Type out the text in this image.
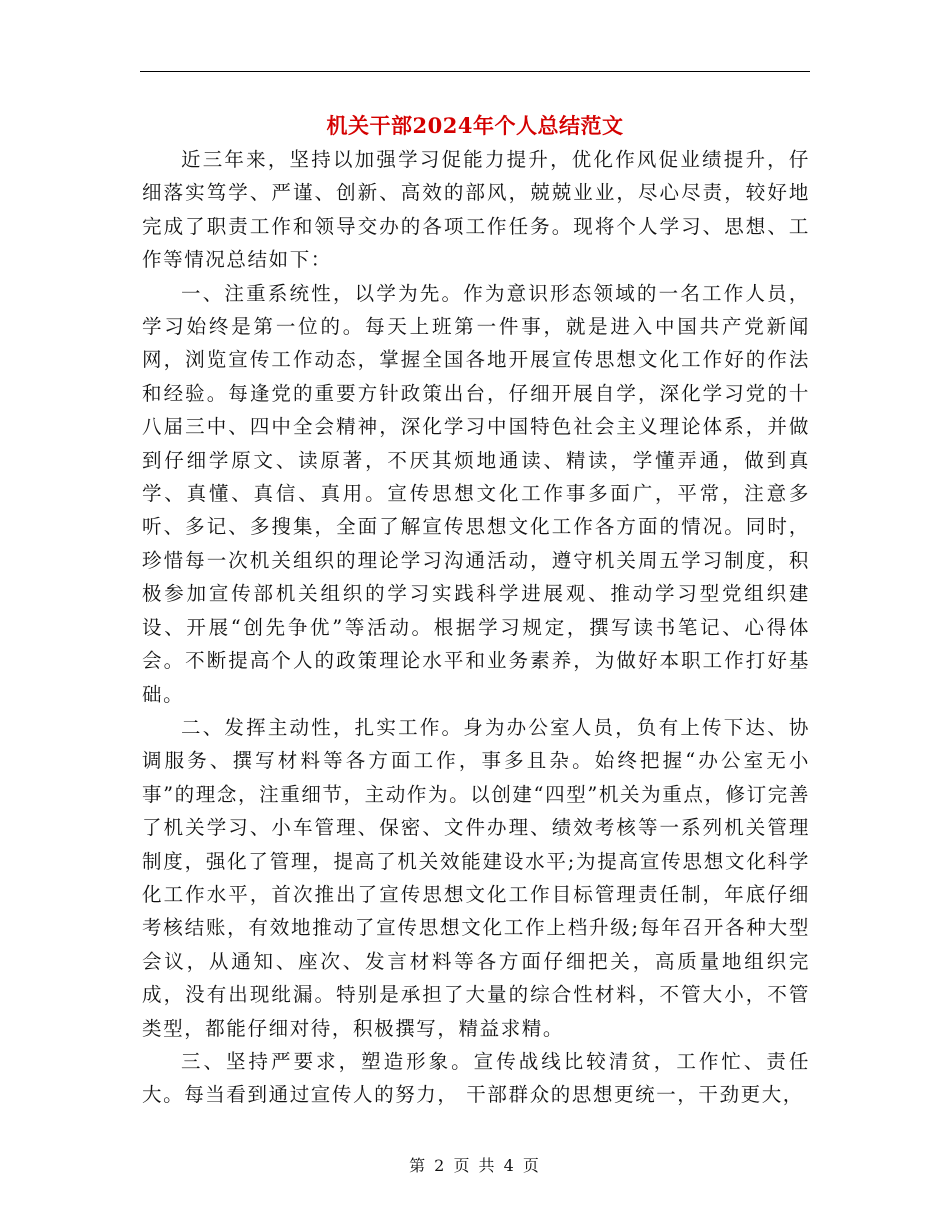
机关干部2024年个人总结范文

近三年来，坚持以加强学习促能力提升，优化作风促业绩提升，仔细落实笃学、严谨、创新、高效的部风，兢兢业业，尽心尽责，较好地完成了职责工作和领导交办的各项工作任务。现将个人学习、思想、工作等情况总结如下：

一、注重系统性，以学为先。作为意识形态领域的一名工作人员，学习始终是第一位的。每天上班第一件事，就是进入中国共产党新闻网，浏览宣传工作动态，掌握全国各地开展宣传思想文化工作好的作法和经验。每逢党的重要方针政策出台，仔细开展自学，深化学习党的十八届三中、四中全会精神，深化学习中国特色社会主义理论体系，并做到仔细学原文、读原著，不厌其烦地通读、精读，学懂弄通，做到真学、真懂、真信、真用。宣传思想文化工作事多面广，平常，注意多听、多记、多搜集，全面了解宣传思想文化工作各方面的情况。同时，珍惜每一次机关组织的理论学习沟通活动，遵守机关周五学习制度，积极参加宣传部机关组织的学习实践科学进展观、推动学习型党组织建设、开展“创先争优”等活动。根据学习规定，撰写读书笔记、心得体会。不断提高个人的政策理论水平和业务素养，为做好本职工作打好基础。

二、发挥主动性，扎实工作。身为办公室人员，负有上传下达、协调服务、撰写材料等各方面工作，事多且杂。始终把握“办公室无小事”的理念，注重细节，主动作为。以创建“四型”机关为重点，修订完善了机关学习、小车管理、保密、文件办理、绩效考核等一系列机关管理制度，强化了管理，提高了机关效能建设水平;为提高宣传思想文化科学化工作水平，首次推出了宣传思想文化工作目标管理责任制，年底仔细考核结账，有效地推动了宣传思想文化工作上档升级;每年召开各种大型会议，从通知、座次、发言材料等各方面仔细把关，高质量地组织完成，没有出现纰漏。特别是承担了大量的综合性材料，不管大小，不管类型，都能仔细对待，积极撰写，精益求精。

三、坚持严要求，塑造形象。宣传战线比较清贫，工作忙、责任大。每当看到通过宣传人的努力， 干部群众的思想更统一，干劲更大，

第 2 页 共 4 页
